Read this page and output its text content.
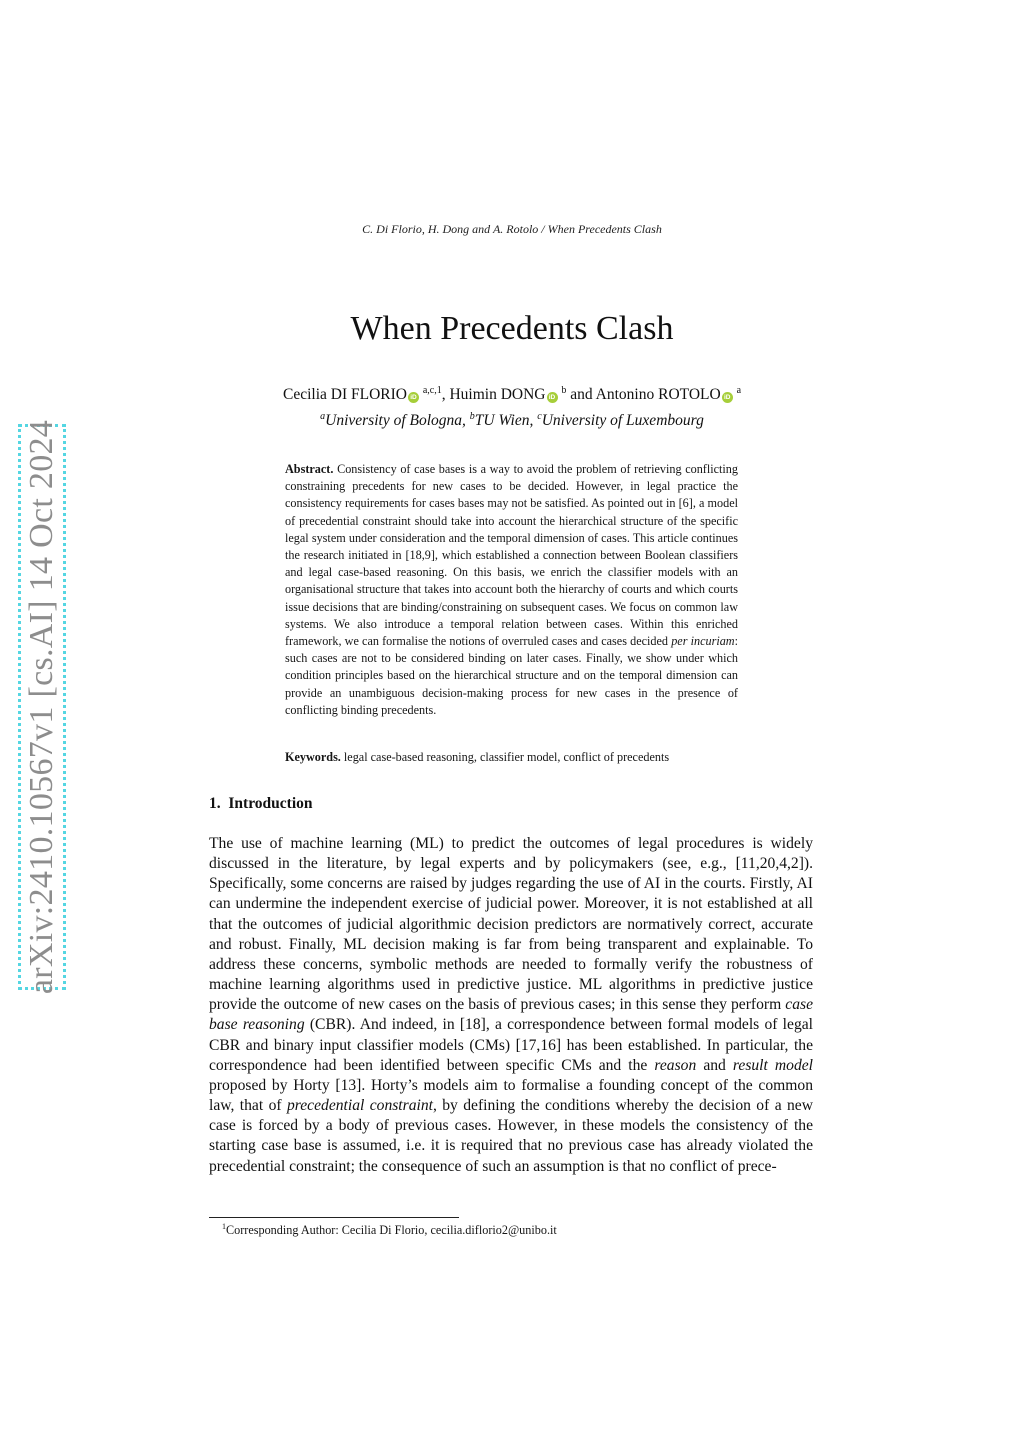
arXiv:2410.10567v1 [cs.AI] 14 Oct 2024
C. Di Florio, H. Dong and A. Rotolo / When Precedents Clash
When Precedents Clash
Cecilia DI FLORIO iD $^{a,c,1}$, Huimin DONG iD $^b$ and Antonino ROTOLO iD $^a$
$^a$University of Bologna, $^b$TU Wien, $^c$University of Luxembourg

Abstract. Consistency of case bases is a way to avoid the problem of retrieving conflicting constraining precedents for new cases to be decided. However, in legal practice the consistency requirements for cases bases may not be satisfied. As pointed out in [6], a model of precedential constraint should take into account the hierarchical structure of the specific legal system under consideration and the temporal dimension of cases. This article continues the research initiated in [18,9], which established a connection between Boolean classifiers and legal case-based reasoning. On this basis, we enrich the classifier models with an organisational structure that takes into account both the hierarchy of courts and which courts issue decisions that are binding/constraining on subsequent cases. We focus on common law systems. We also introduce a temporal relation between cases. Within this enriched framework, we can formalise the notions of overruled cases and cases decided per incuriam: such cases are not to be considered binding on later cases. Finally, we show under which condition principles based on the hierarchical structure and on the temporal dimension can provide an unambiguous decision-making process for new cases in the presence of conflicting binding precedents.

Keywords. legal case-based reasoning, classifier model, conflict of precedents

1. Introduction

The use of machine learning (ML) to predict the outcomes of legal procedures is widely discussed in the literature, by legal experts and by policymakers (see, e.g., [11,20,4,2]). Specifically, some concerns are raised by judges regarding the use of AI in the courts. Firstly, AI can undermine the independent exercise of judicial power. Moreover, it is not established at all that the outcomes of judicial algorithmic decision predictors are normatively correct, accurate and robust. Finally, ML decision making is far from being transparent and explainable. To address these concerns, symbolic methods are needed to formally verify the robustness of machine learning algorithms used in predictive justice. ML algorithms in predictive justice provide the outcome of new cases on the basis of previous cases; in this sense they perform case base reasoning (CBR). And indeed, in [18], a correspondence between formal models of legal CBR and binary input classifier models (CMs) [17,16] has been established. In particular, the correspondence had been identified between specific CMs and the reason and result model proposed by Horty [13]. Horty’s models aim to formalise a founding concept of the common law, that of precedential constraint, by defining the conditions whereby the decision of a new case is forced by a body of previous cases. However, in these models the consistency of the starting case base is assumed, i.e. it is required that no previous case has already violated the precedential constraint; the consequence of such an assumption is that no conflict of prece-

$^1$Corresponding Author: Cecilia Di Florio, cecilia.diflorio2@unibo.it
